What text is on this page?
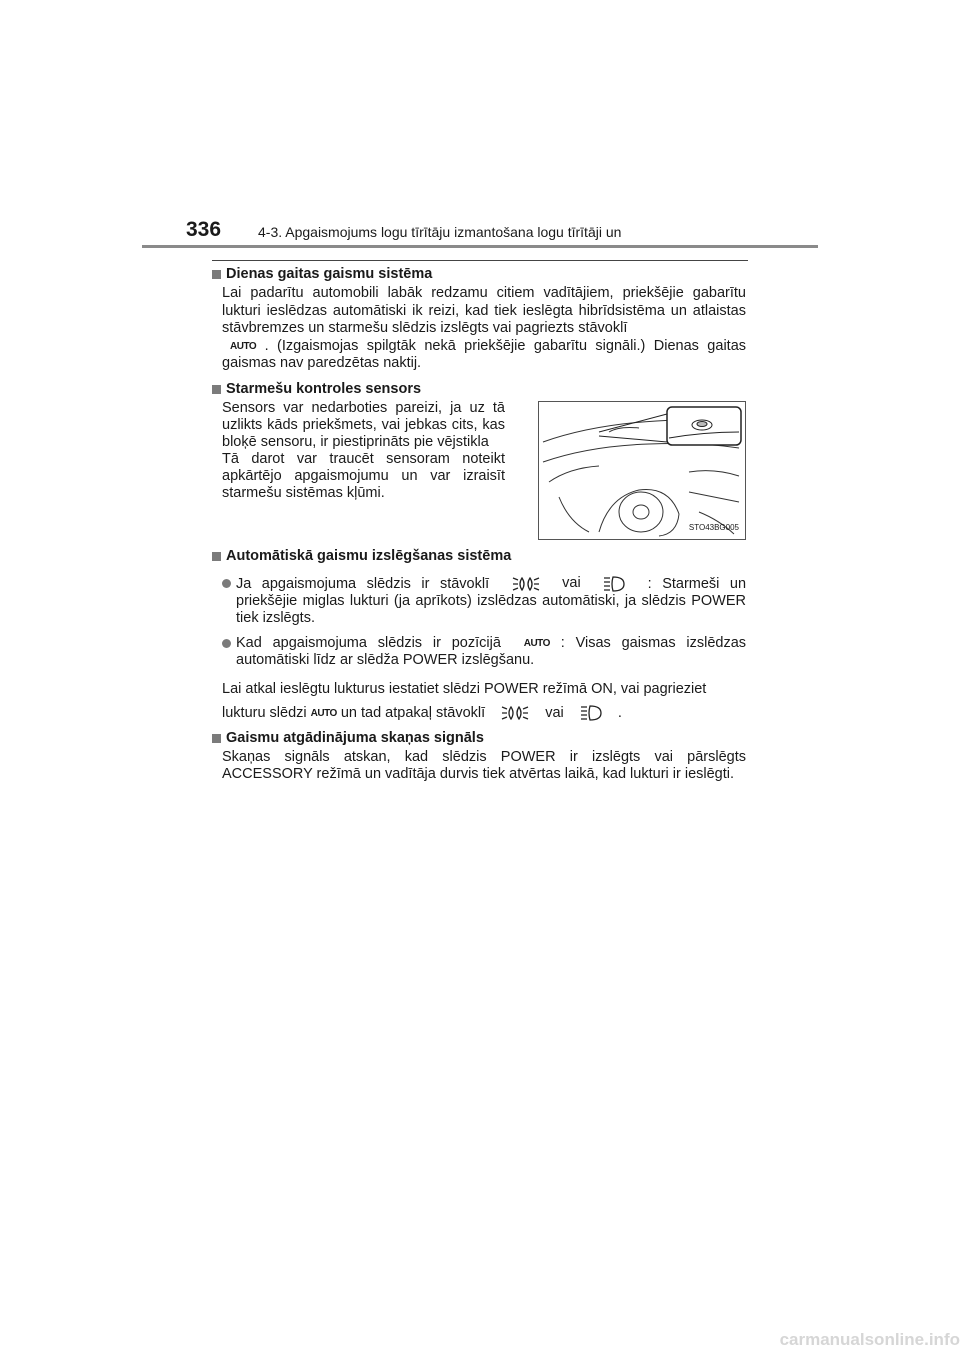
336	4-3. Apgaismojums logu tīrītāju izmantošana logu tīrītāji un
Dienas gaitas gaismu sistēma

Lai padarītu automobili labāk redzamu citiem vadītājiem, priekšējie gabarītu lukturi ieslēdzas automātiski ik reizi, kad tiek ieslēgta hibrīdsistēma un atlaistas stāvbremzes un starmešu slēdzis izslēgts vai pagriezts stāvoklī
AUTO . (Izgaismojas spilgtāk nekā priekšējie gabarītu signāli.) Dienas gaitas gaismas nav paredzētas naktij.

Starmešu kontroles sensors
Sensors var nedarboties pareizi, ja uz tā uzlikts kāds priekšmets, vai jebkas cits, kas bloķē sensoru, ir piestiprināts pie vējstikla
Tā darot var traucēt sensoram noteikt apkārtējo apgaismojumu un var izraisīt starmešu sistēmas kļūmi.
STO43BG005
Automātiskā gaismu izslēgšanas sistēma
Ja apgaismojuma slēdzis ir stāvoklī	vai	: Starmeši un priekšējie miglas lukturi (ja aprīkots) izslēdzas automātiski, ja slēdzis POWER tiek izslēgts.
Kad apgaismojuma slēdzis ir pozīcijā AUTO : Visas gaismas izslēdzas automātiski līdz ar slēdža POWER izslēgšanu.

Lai atkal ieslēgtu lukturus iestatiet slēdzi POWER režīmā ON, vai pagrieziet
lukturu slēdzi AUTO un tad atpakaļ stāvoklī	vai	.

Gaismu atgādinājuma skaņas signāls

Skaņas signāls atskan, kad slēdzis POWER ir izslēgts vai pārslēgts ACCESSORY režīmā un vadītāja durvis tiek atvērtas laikā, kad lukturi ir ieslēgti.

carmanualsonline.info
